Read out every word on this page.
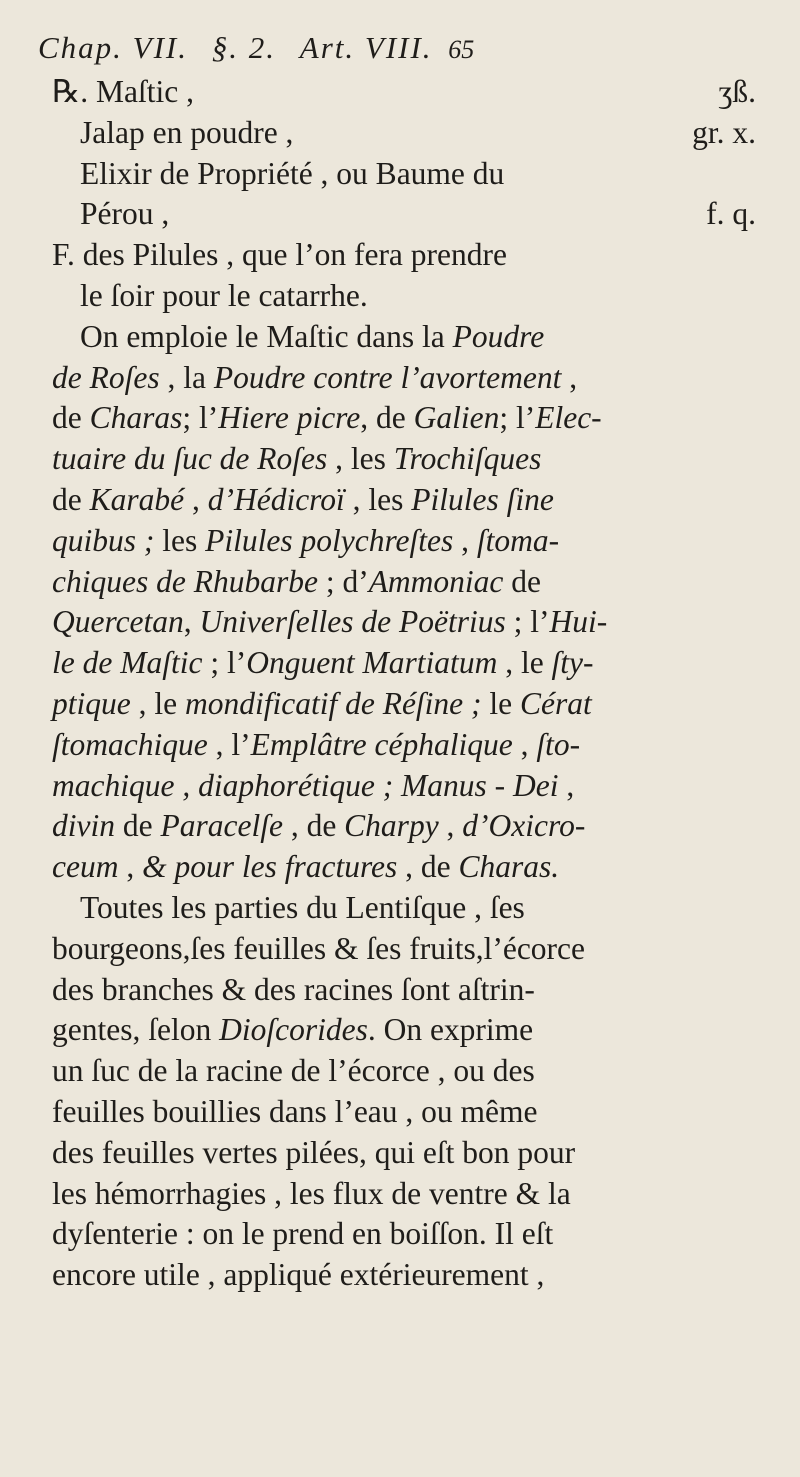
Chap. VII. §. 2. Art. VIII. 65
℞. Maſtic ,	ʒß.
Jalap en poudre ,	gr. x.
Elixir de Propriété , ou Baume du
Pérou ,	f. q.
F. des Pilules , que l’on fera prendre
le ſoir pour le catarrhe.
On emploie le Maſtic dans la Poudre
de Roſes , la Poudre contre l’avortement ,
de Charas; l’Hiere picre, de Galien; l’Elec-
tuaire du ſuc de Roſes , les Trochiſques
de Karabé , d’Hédicroï , les Pilules ſine
quibus ; les Pilules polychreſtes , ſtoma-
chiques de Rhubarbe ; d’Ammoniac de
Quercetan, Univerſelles de Poëtrius ; l’Hui-
le de Maſtic ; l’Onguent Martiatum , le ſty-
ptique , le mondificatif de Réſine ; le Cérat
ſtomachique , l’Emplâtre céphalique , ſto-
machique , diaphorétique ; Manus - Dei ,
divin de Paracelſe , de Charpy , d’Oxicro-
ceum , & pour les fractures , de Charas.
Toutes les parties du Lentiſque , ſes
bourgeons,ſes feuilles & ſes fruits,l’écorce
des branches & des racines ſont aſtrin-
gentes, ſelon Dioſcorides. On exprime
un ſuc de la racine de l’écorce , ou des
feuilles bouillies dans l’eau , ou même
des feuilles vertes pilées, qui eſt bon pour
les hémorrhagies , les flux de ventre & la
dyſenterie : on le prend en boiſſon. Il eſt
encore utile , appliqué extérieurement ,
